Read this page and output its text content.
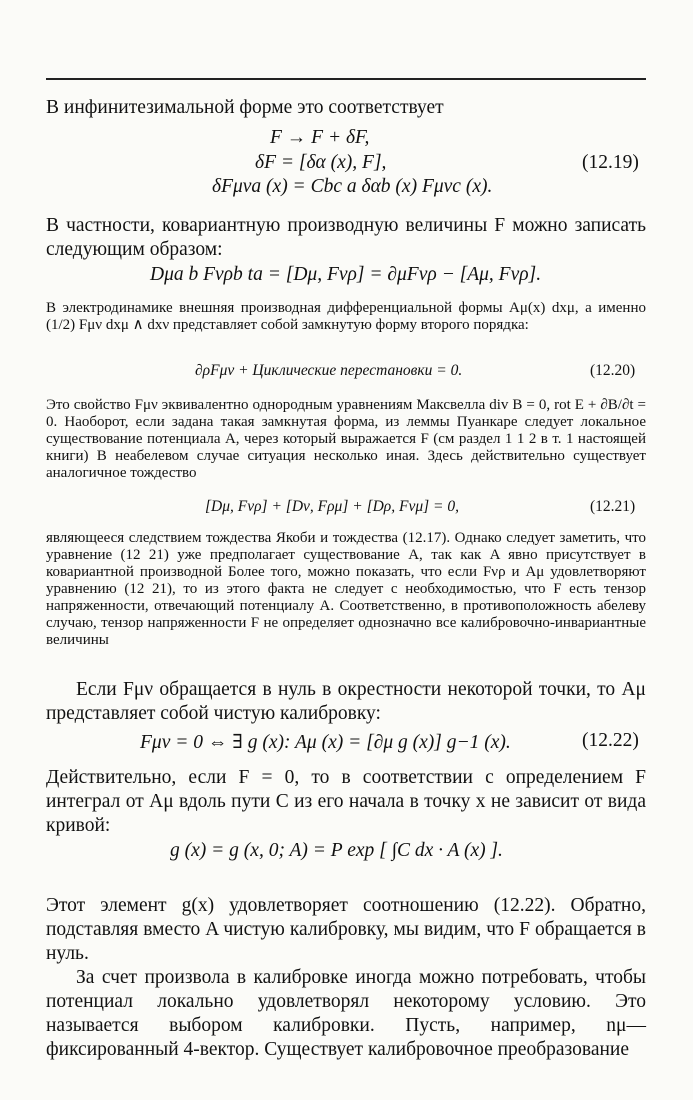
В инфинитезимальной форме это соответствует

F → F + δF,
δF = [δα (x), F],
δFμνa (x) = Cbc a δαb (x) Fμνc (x).
(12.19)

В частности, ковариантную производную величины F можно записать следующим образом:

Dμa b Fνρb ta = [Dμ, Fνρ] = ∂μFνρ − [Aμ, Fνρ].

В электродинамике внешняя производная дифференциальной формы Aμ(x) dxμ, а именно (1/2) Fμν dxμ ∧ dxν представляет собой замкнутую форму второго порядка:

∂ρFμν + Циклические перестановки = 0.	(12.20)

Это свойство Fμν эквивалентно однородным уравнениям Максвелла div B = 0, rot E + ∂B/∂t = 0. Наоборот, если задана такая замкнутая форма, из леммы Пуанкаре следует локальное существование потенциала A, через который выражается F (см раздел 1 1 2 в т. 1 настоящей книги) В неабелевом случае ситуация несколько иная. Здесь действительно существует аналогичное тождество

[Dμ, Fνρ] + [Dν, Fρμ] + [Dρ, Fνμ] = 0,	(12.21)

являющееся следствием тождества Якоби и тождества (12.17). Однако следует заметить, что уравнение (12 21) уже предполагает существование A, так как A явно присутствует в ковариантной производной Более того, можно показать, что если Fνρ и Aμ удовлетворяют уравнению (12 21), то из этого факта не следует с необходимостью, что F есть тензор напряженности, отвечающий потенциалу A. Соответственно, в противоположность абелеву случаю, тензор напряженности F не определяет однозначно все калибровочно-инвариантные величины

Если Fμν обращается в нуль в окрестности некоторой точки, то Aμ представляет собой чистую калибровку:

Fμν = 0 ⇔ ∃ g (x): Aμ (x) = [∂μ g (x)] g−1 (x).	(12.22)

Действительно, если F = 0, то в соответствии с определением F интеграл от Aμ вдоль пути C из его начала в точку x не зависит от вида кривой:

g (x) = g (x, 0; A) = P exp [ ∫C dx · A (x) ].

Этот элемент g(x) удовлетворяет соотношению (12.22). Обратно, подставляя вместо A чистую калибровку, мы видим, что F обращается в нуль.

За счет произвола в калибровке иногда можно потребовать, чтобы потенциал локально удовлетворял некоторому условию. Это называется выбором калибровки. Пусть, например, nμ—фиксированный 4-вектор. Существует калибровочное преобразование
